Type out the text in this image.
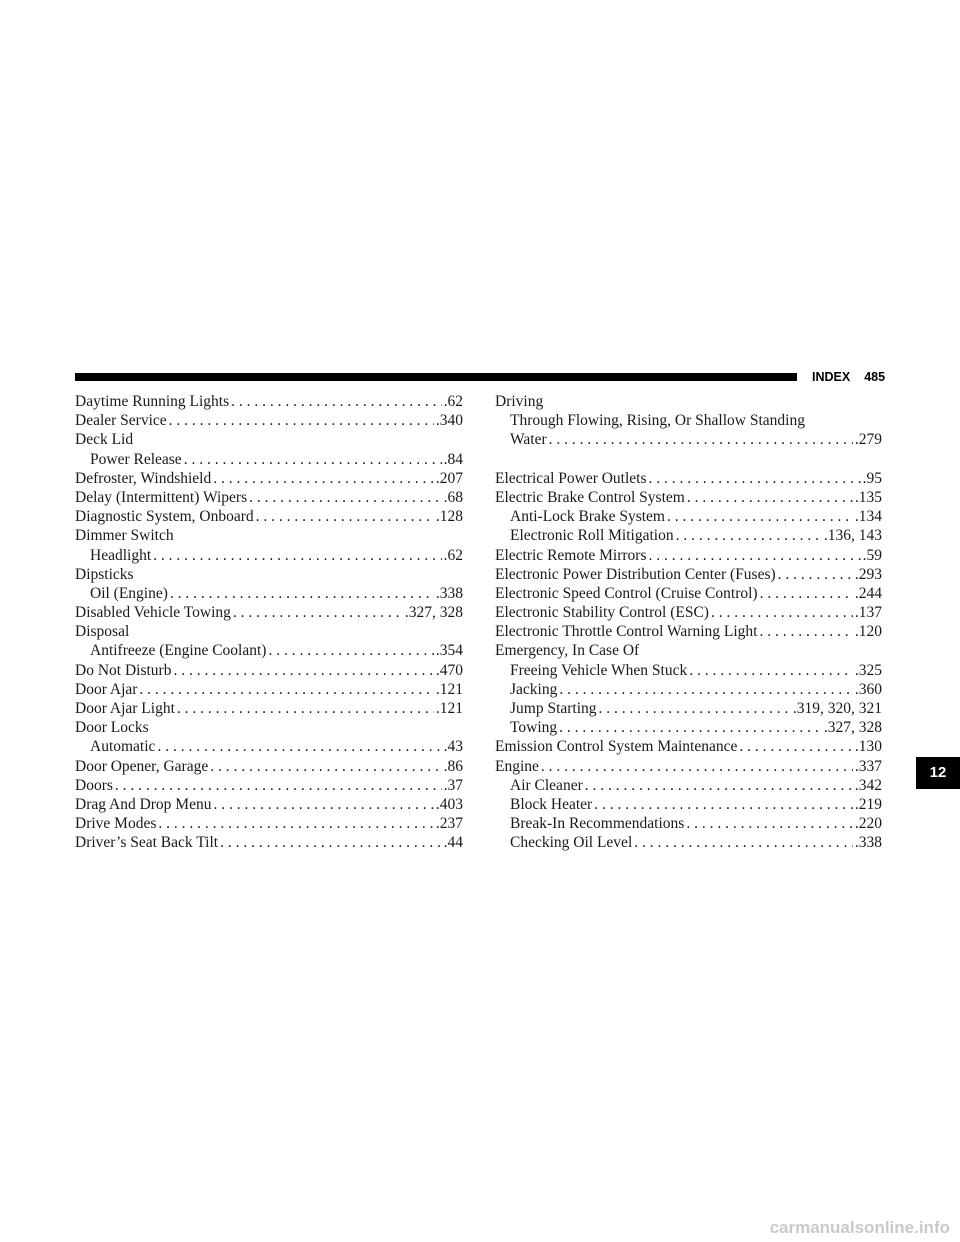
INDEX 485
12
Daytime Running Lights . . .	.62
Dealer Service . . .	.340
Deck Lid
Power Release . . .	.84
Defroster, Windshield . . .	.207
Delay (Intermittent) Wipers . . .	.68
Diagnostic System, Onboard . . .	.128
Dimmer Switch
Headlight . . .	.62
Dipsticks
Oil (Engine) . . .	.338
Disabled Vehicle Towing . . .	.327, 328
Disposal
Antifreeze (Engine Coolant) . . .	.354
Do Not Disturb . . .	.470
Door Ajar . . .	.121
Door Ajar Light . . .	.121
Door Locks
Automatic . . .	.43
Door Opener, Garage . . .	.86
Doors . . .	.37
Drag And Drop Menu . . .	.403
Drive Modes . . .	.237
Driver’s Seat Back Tilt . . .	.44
Driving
Through Flowing, Rising, Or Shallow Standing
Water . . .	.279
Electrical Power Outlets . . .	.95
Electric Brake Control System . . .	.135
Anti-Lock Brake System . . .	.134
Electronic Roll Mitigation . . .	.136, 143
Electric Remote Mirrors . . .	.59
Electronic Power Distribution Center (Fuses) . . .	.293
Electronic Speed Control (Cruise Control) . . .	.244
Electronic Stability Control (ESC) . . .	.137
Electronic Throttle Control Warning Light . . .	.120
Emergency, In Case Of
Freeing Vehicle When Stuck . . .	.325
Jacking . . .	.360
Jump Starting . . .	.319, 320, 321
Towing . . .	.327, 328
Emission Control System Maintenance . . .	.130
Engine . . .	.337
Air Cleaner . . .	.342
Block Heater . . .	.219
Break-In Recommendations . . .	.220
Checking Oil Level . . .	.338
carmanualsonline.info
